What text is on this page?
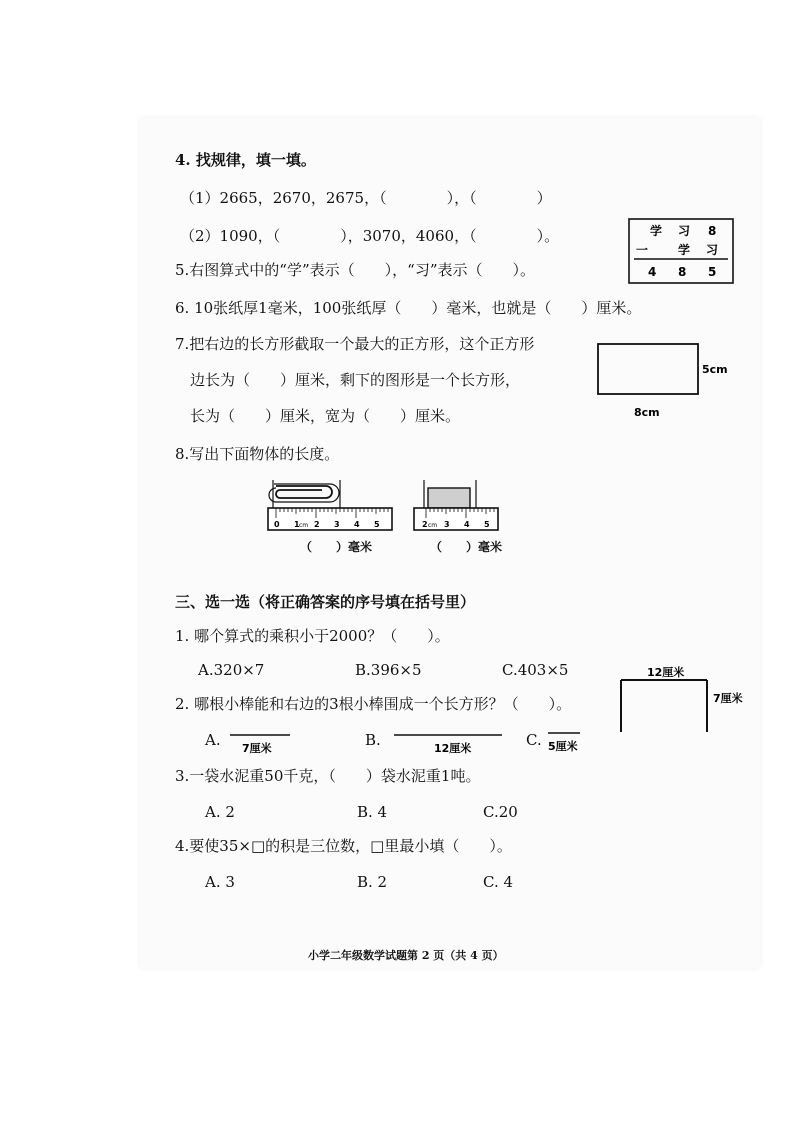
4. 找规律，填一填。
（1）2665，2670，2675，（　　　　），（　　　　）
（2）1090，（　　　　），3070，4060，（　　　　）。	学 习 8
一 学 习
4 8 5
5.右图算式中的“学”表示（　　），“习”表示（　　）。
6. 10张纸厚1毫米，100张纸厚（　　）毫米，也就是（　　）厘米。
7.把右边的长方形截取一个最大的正方形，这个正方形
边长为（　　）厘米，剩下的图形是一个长方形，
长为（　　）厘米，宽为（　　）厘米。
5cm
8cm
8.写出下面物体的长度。
0 1 cm 2 3 4 5
（　　）毫米
2 cm 3 4 5
（　　）毫米
三、选一选（将正确答案的序号填在括号里）
1. 哪个算式的乘积小于2000？（　　）。
A.320×7	B.396×5	C.403×5	12厘米
7厘米
2. 哪根小棒能和右边的3根小棒围成一个长方形？（　　）。
A. 7厘米	B.	12厘米	C. 5厘米
3.一袋水泥重50千克，（　　）袋水泥重1吨。
A. 2	B. 4	C.20
4.要使35×□的积是三位数，□里最小填（　　）。
A. 3	B. 2	C. 4
小学二年级数学试题第 2 页（共 4 页）
